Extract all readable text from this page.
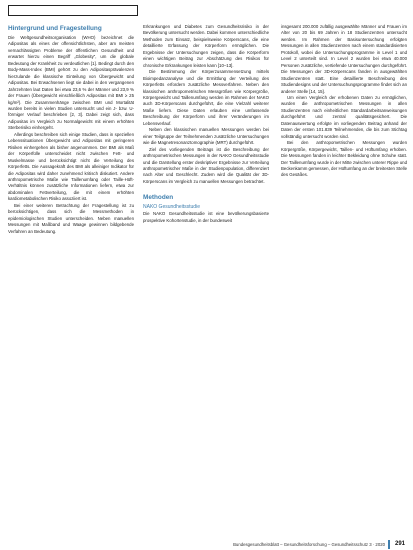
Hintergrund und Fragestellung

Die Weltgesundheitsorganisation (WHO) bezeichnet die Adipositas als eines der offensichtlichsten, aber am meisten vernachlässigten Probleme der öffentlichen Gesundheit und erwartet hierzu einen Begriff „Globesity“, um die globale Bedeutung der Krankheit zu verdeutlichen [1]. Bedingt durch den Body-Mass-Index (BMI) gehört zu den Adipositasprävalenzen hierzulande die klassische Einteilung von Übergewicht und Adipositas. Bei Erwachsenen liegt sie dabei in den vergangenen Jahrzehnten laut Daten bei etwa 23,6 % der Männer und 23,9 % der Frauen (Übergewicht einschließlich Adipositas mit BMI ≥ 25 kg/m²). Die Zusammenhänge zwischen BMI und Mortalität wurden bereits in vielen Studien untersucht und ein J- bzw. U-förmiger Verlauf beschrieben [2, 3]. Dabei zeigt sich, dass Adipositas im Vergleich zu Normalgewicht mit einem erhöhten Sterberisiko einhergeht.

Allerdings beschreiben sich einige Studien, dass in speziellen Lebenssituationen Übergewicht und Adipositas mit geringeren Risiken einhergehen als bisher angenommen. Der BMI als Maß der Körperfülle unterscheidet nicht zwischen Fett- und Muskelmasse und berücksichtigt nicht die Verteilung des Körperfetts. Die Aussagekraft des BMI als alleiniger Indikator für die Adipositas wird daher zunehmend kritisch diskutiert. Andere anthropometrische Maße wie Taillenumfang oder Taille-Hüft-Verhältnis können zusätzliche Informationen liefern, etwa zur abdominalen Fettverteilung, die mit einem erhöhten kardiometabolischen Risiko assoziiert ist.

Bei einer weiteren Betrachtung der Fragestellung ist zu berücksichtigen, dass sich die Messmethoden in epidemiologischen Studien unterscheiden. Neben manuellen Messungen mit Maßband und Waage gewinnen bildgebende Verfahren an Bedeutung.

Erkrankungen und Diabetes zum Gesundheitsrisiko in der Bevölkerung untersucht werden. Dabei kommen unterschiedliche Methoden zum Einsatz, beispielsweise Körperscans, die eine detaillierte Erfassung der Körperform ermöglichen. Die Ergebnisse der Untersuchungen zeigen, dass die Körperform einen wichtigen Beitrag zur Abschätzung des Risikos für chronische Erkrankungen leisten kann [10–13].

Die Bestimmung der Körperzusammensetzung mittels Bioimpedanzanalyse und die Ermittlung der Verteilung des Körperfetts erfordern zusätzliche Messverfahren. Neben den klassischen anthropometrischen Messgrößen wie Körpergröße, Körpergewicht und Taillenumfang werden im Rahmen der NAKO auch 3D-Körperscans durchgeführt, die eine Vielzahl weiterer Maße liefern. Diese Daten erlauben eine umfassende Beschreibung der Körperform und ihrer Veränderungen im Lebensverlauf.

Neben den klassischen manuellen Messungen werden bei einer Teilgruppe der Teilnehmenden zusätzliche Untersuchungen wie die Magnetresonanztomographie (MRT) durchgeführt.

Ziel des vorliegenden Beitrags ist die Beschreibung der anthropometrischen Messungen in der NAKO Gesundheitsstudie und die Darstellung erster deskriptiver Ergebnisse zur Verteilung anthropometrischer Maße in der Studienpopulation, differenziert nach Alter und Geschlecht. Zudem wird die Qualität der 3D-Körperscans im Vergleich zu manuellen Messungen betrachtet.

Methoden
NAKO Gesundheitsstudie

Die NAKO Gesundheitsstudie ist eine bevölkerungsbasierte prospektive Kohortenstudie, in der bundesweit

insgesamt 200.000 zufällig ausgewählte Männer und Frauen im Alter von 20 bis 69 Jahren in 18 Studienzentren untersucht werden. Im Rahmen der Basisuntersuchung erfolgten Messungen in allen Studienzentren nach einem standardisierten Protokoll, wobei die Untersuchungsprogramme in Level 1 und Level 2 unterteilt sind. In Level 2 wurden bei etwa 40.000 Personen zusätzliche, vertiefende Untersuchungen durchgeführt. Die Messungen der 3D-Körperscans fanden in ausgewählten Studienzentren statt. Eine detaillierte Beschreibung des Studiendesigns und der Untersuchungsprogramme findet sich an anderer Stelle [14, 15].

Um einen Vergleich der erhobenen Daten zu ermöglichen, wurden die anthropometrischen Messungen in allen Studienzentren nach einheitlichen Standardarbeitsanweisungen durchgeführt und zentral qualitätsgesichert. Die Datenauswertung erfolgte im vorliegenden Beitrag anhand der Daten der ersten 101.839 Teilnehmenden, die bis zum Stichtag vollständig untersucht worden sind.

Bei den anthropometrischen Messungen wurden Körpergröße, Körpergewicht, Taillen- und Hüftumfang erhoben. Die Messungen fanden in leichter Bekleidung ohne Schuhe statt. Der Taillenumfang wurde in der Mitte zwischen unterer Rippe und Beckenkamm gemessen, der Hüftumfang an der breitesten Stelle des Gesäßes.

Bundesgesundheitsblatt – Gesundheitsforschung – Gesundheitsschutz 3 · 2020 291
